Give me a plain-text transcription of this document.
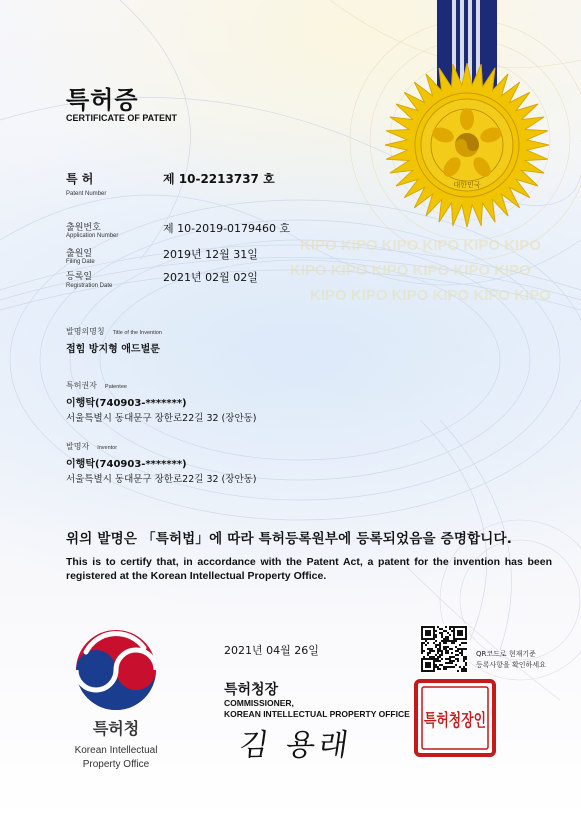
KIPO KIPO KIPO KIPO KIPO KIPO
KIPO KIPO KIPO KIPO KIPO KIPO
KIPO KIPO KIPO KIPO KIPO KIPO
대한민국
특허증
CERTIFICATE OF PATENT
특 허
Patent Number
제 10-2213737 호
출원번호
Application Number
제 10-2019-0179460 호
출원일
Filing Date
2019년 12월 31일
등록일
Registration Date
2021년 02월 02일
발명의명칭 Title of the Invention
접힘 방지형 애드벌룬
특허권자 Patentee
이행탁(740903-*******)
서울특별시 동대문구 장한로22길 32 (장안동)
발명자 Inventor
이행탁(740903-*******)
서울특별시 동대문구 장한로22길 32 (장안동)
위의 발명은 「특허법」에 따라 특허등록원부에 등록되었음을 증명합니다.
This is to certify that, in accordance with the Patent Act, a patent for the invention has been registered at the Korean Intellectual Property Office.
특허청
Korean Intellectual
Property Office
2021년 04월 26일
특허청장
COMMISSIONER,
KOREAN INTELLECTUAL PROPERTY OFFICE
김 용래
QR코드로 현재기준
등록사항을 확인하세요
특허청장인
